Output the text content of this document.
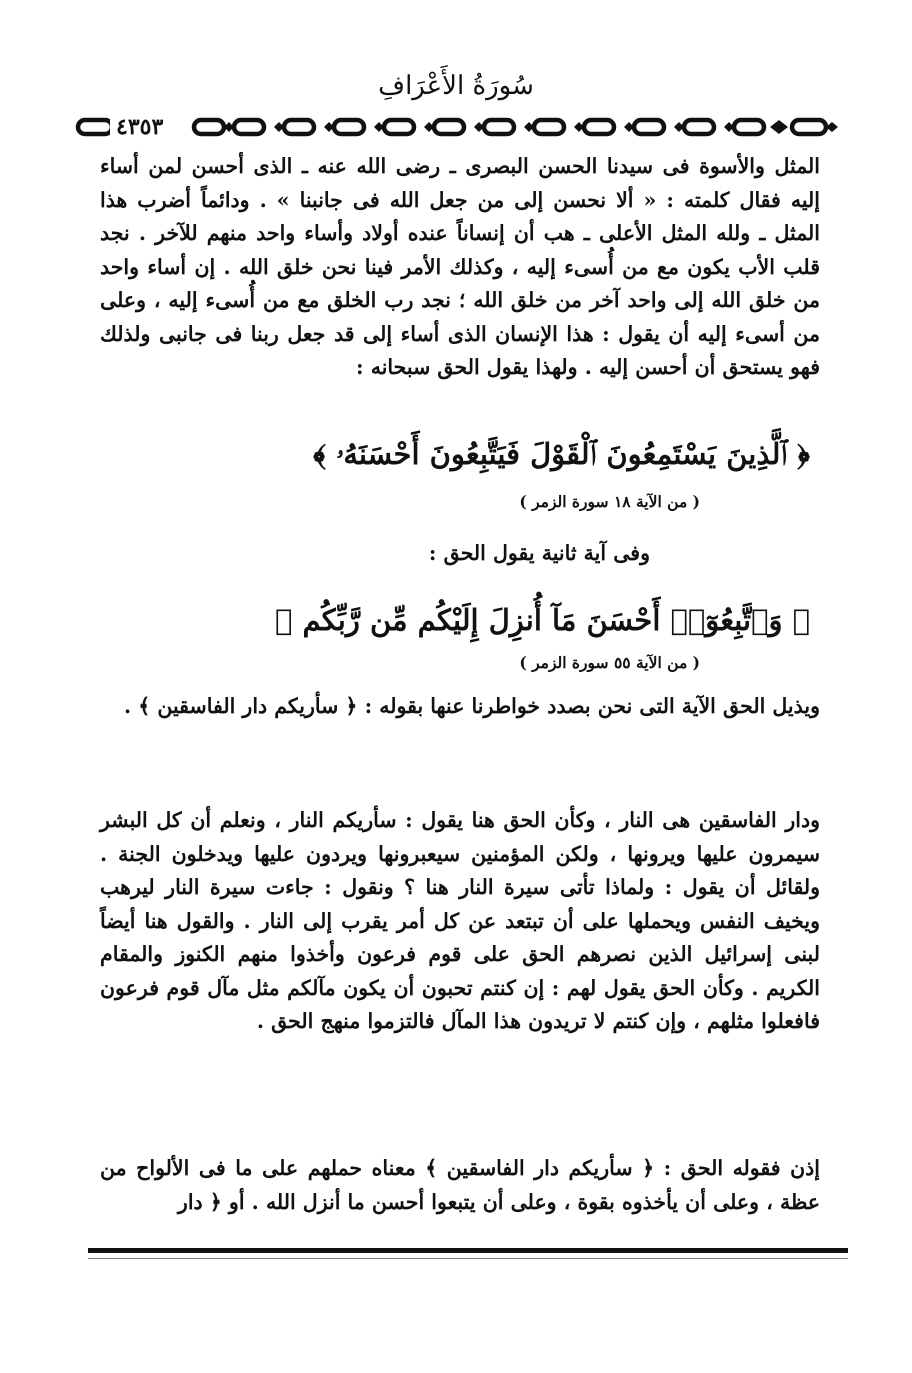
سُورَةُ الأَعْرَافِ
٤٣٥٣
المثل والأسوة فى سيدنا الحسن البصرى ـ رضى الله عنه ـ الذى أحسن لمن أساء إليه فقال كلمته : « ألا نحسن إلى من جعل الله فى جانبنا » . ودائماً أضرب هذا المثل ـ ولله المثل الأعلى ـ هب أن إنساناً عنده أولاد وأساء واحد منهم للآخر . نجد قلب الأب يكون مع من أُسىء إليه ، وكذلك الأمر فينا نحن خلق الله . إن أساء واحد من خلق الله إلى واحد آخر من خلق الله ؛ نجد رب الخلق مع من أُسىء إليه ، وعلى من أسىء إليه أن يقول : هذا الإنسان الذى أساء إلى قد جعل ربنا فى جانبى ولذلك فهو يستحق أن أحسن إليه . ولهذا يقول الحق سبحانه :
﴿ ٱلَّذِينَ يَسْتَمِعُونَ ٱلْقَوْلَ فَيَتَّبِعُونَ أَحْسَنَهُۥ ﴾
( من الآية ١٨ سورة الزمر )
وفى آية ثانية يقول الحق :
﴿ وَٱتَّبِعُوٓا۟ أَحْسَنَ مَآ أُنزِلَ إِلَيْكُم مِّن رَّبِّكُم ﴾
( من الآية ٥٥ سورة الزمر )
ويذيل الحق الآية التى نحن بصدد خواطرنا عنها بقوله : ﴿ سأريكم دار الفاسقين ﴾ .
ودار الفاسقين هى النار ، وكأن الحق هنا يقول : سأريكم النار ، ونعلم أن كل البشر سيمرون عليها ويرونها ، ولكن المؤمنين سيعبرونها ويردون عليها ويدخلون الجنة . ولقائل أن يقول : ولماذا تأتى سيرة النار هنا ؟ ونقول : جاءت سيرة النار ليرهب ويخيف النفس ويحملها على أن تبتعد عن كل أمر يقرب إلى النار . والقول هنا أيضاً لبنى إسرائيل الذين نصرهم الحق على قوم فرعون وأخذوا منهم الكنوز والمقام الكريم . وكأن الحق يقول لهم : إن كنتم تحبون أن يكون مآلكم مثل مآل قوم فرعون فافعلوا مثلهم ، وإن كنتم لا تريدون هذا المآل فالتزموا منهج الحق .
إذن فقوله الحق : ﴿ سأريكم دار الفاسقين ﴾ معناه حملهم على ما فى الألواح من عظة ، وعلى أن يأخذوه بقوة ، وعلى أن يتبعوا أحسن ما أنزل الله . أو ﴿ دار
